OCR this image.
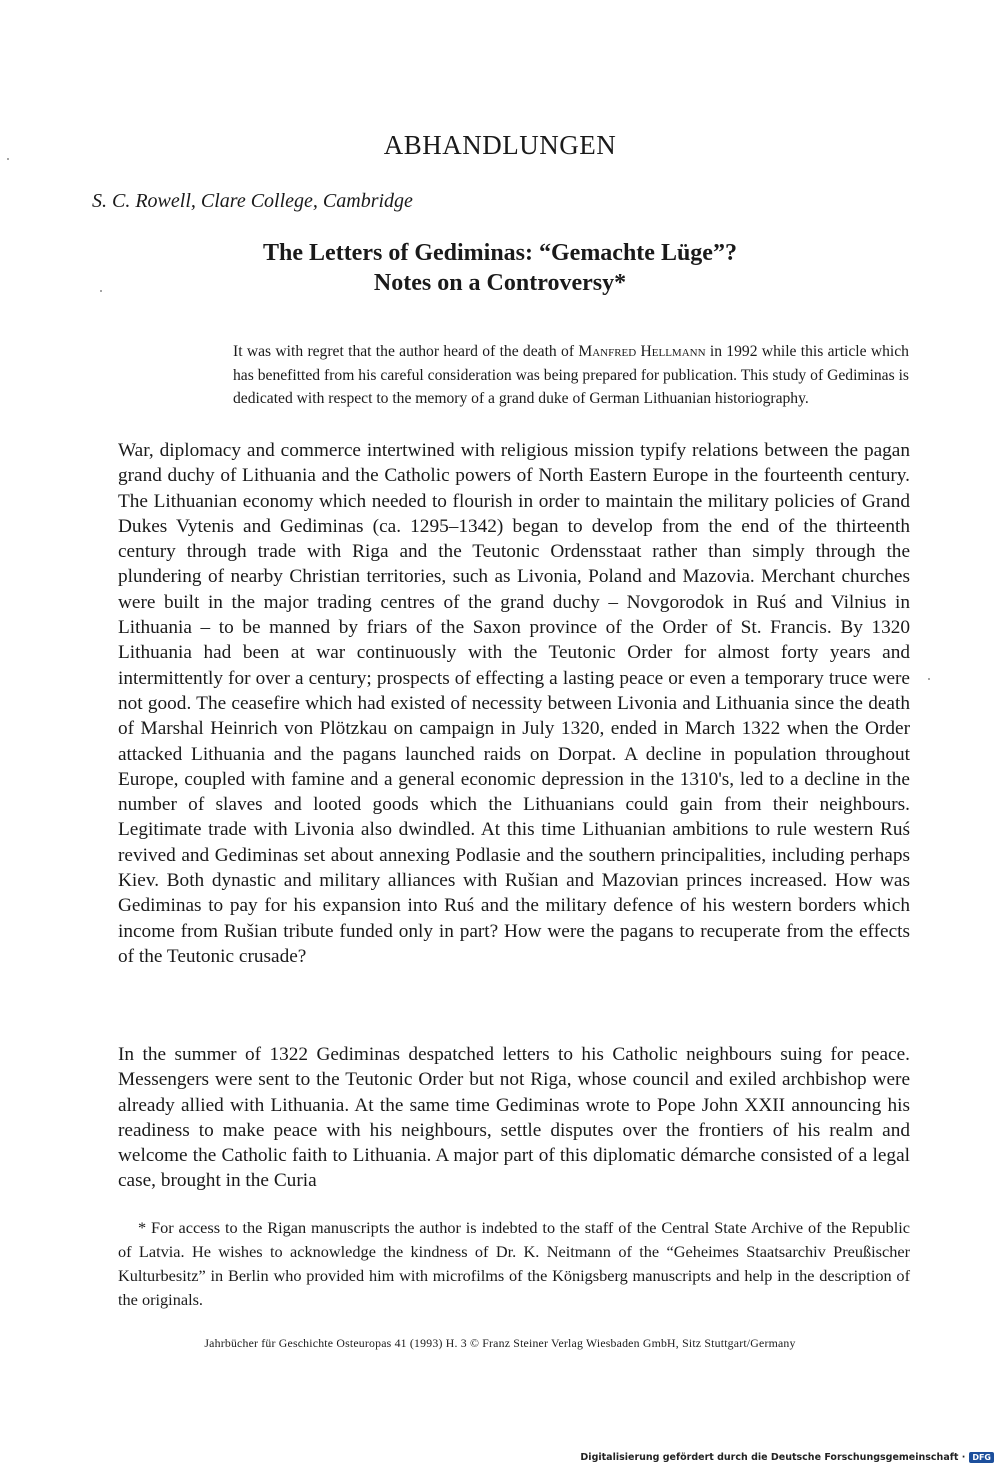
ABHANDLUNGEN

S. C. Rowell, Clare College, Cambridge

The Letters of Gediminas: “Gemachte Lüge”?
Notes on a Controversy*

It was with regret that the author heard of the death of Manfred Hellmann in 1992 while this article which has benefitted from his careful consideration was being prepared for publication. This study of Gediminas is dedicated with respect to the memory of a grand duke of German Lithuanian historiography.

War, diplomacy and commerce intertwined with religious mission typify relations between the pagan grand duchy of Lithuania and the Catholic powers of North Eastern Europe in the fourteenth century. The Lithuanian economy which needed to flourish in order to maintain the military policies of Grand Dukes Vytenis and Gediminas (ca. 1295–1342) began to develop from the end of the thirteenth century through trade with Riga and the Teutonic Ordensstaat rather than simply through the plundering of nearby Christian territories, such as Livonia, Poland and Mazovia. Merchant churches were built in the major trading centres of the grand duchy – Novgorodok in Ruś and Vilnius in Lithuania – to be manned by friars of the Saxon province of the Order of St. Francis. By 1320 Lithuania had been at war continuously with the Teutonic Order for almost forty years and intermittently for over a century; prospects of effecting a lasting peace or even a temporary truce were not good. The ceasefire which had existed of necessity between Livonia and Lithuania since the death of Marshal Heinrich von Plötzkau on campaign in July 1320, ended in March 1322 when the Order attacked Lithuania and the pagans launched raids on Dorpat. A decline in population throughout Europe, coupled with famine and a general economic depression in the 1310's, led to a decline in the number of slaves and looted goods which the Lithuanians could gain from their neighbours. Legitimate trade with Livonia also dwindled. At this time Lithuanian ambitions to rule western Ruś revived and Gediminas set about annexing Podlasie and the southern principalities, including perhaps Kiev. Both dynastic and military alliances with Rušian and Mazovian princes increased. How was Gediminas to pay for his expansion into Ruś and the military defence of his western borders which income from Rušian tribute funded only in part? How were the pagans to recuperate from the effects of the Teutonic crusade?

In the summer of 1322 Gediminas despatched letters to his Catholic neighbours suing for peace. Messengers were sent to the Teutonic Order but not Riga, whose council and exiled archbishop were already allied with Lithuania. At the same time Gediminas wrote to Pope John XXII announcing his readiness to make peace with his neighbours, settle disputes over the frontiers of his realm and welcome the Catholic faith to Lithuania. A major part of this diplomatic démarche consisted of a legal case, brought in the Curia

* For access to the Rigan manuscripts the author is indebted to the staff of the Central State Archive of the Republic of Latvia. He wishes to acknowledge the kindness of Dr. K. Neitmann of the “Geheimes Staatsarchiv Preußischer Kulturbesitz” in Berlin who provided him with microfilms of the Königsberg manuscripts and help in the description of the originals.

Jahrbücher für Geschichte Osteuropas 41 (1993) H. 3 © Franz Steiner Verlag Wiesbaden GmbH, Sitz Stuttgart/Germany

Digitalisierung gefördert durch die Deutsche Forschungsgemeinschaft · DFG
